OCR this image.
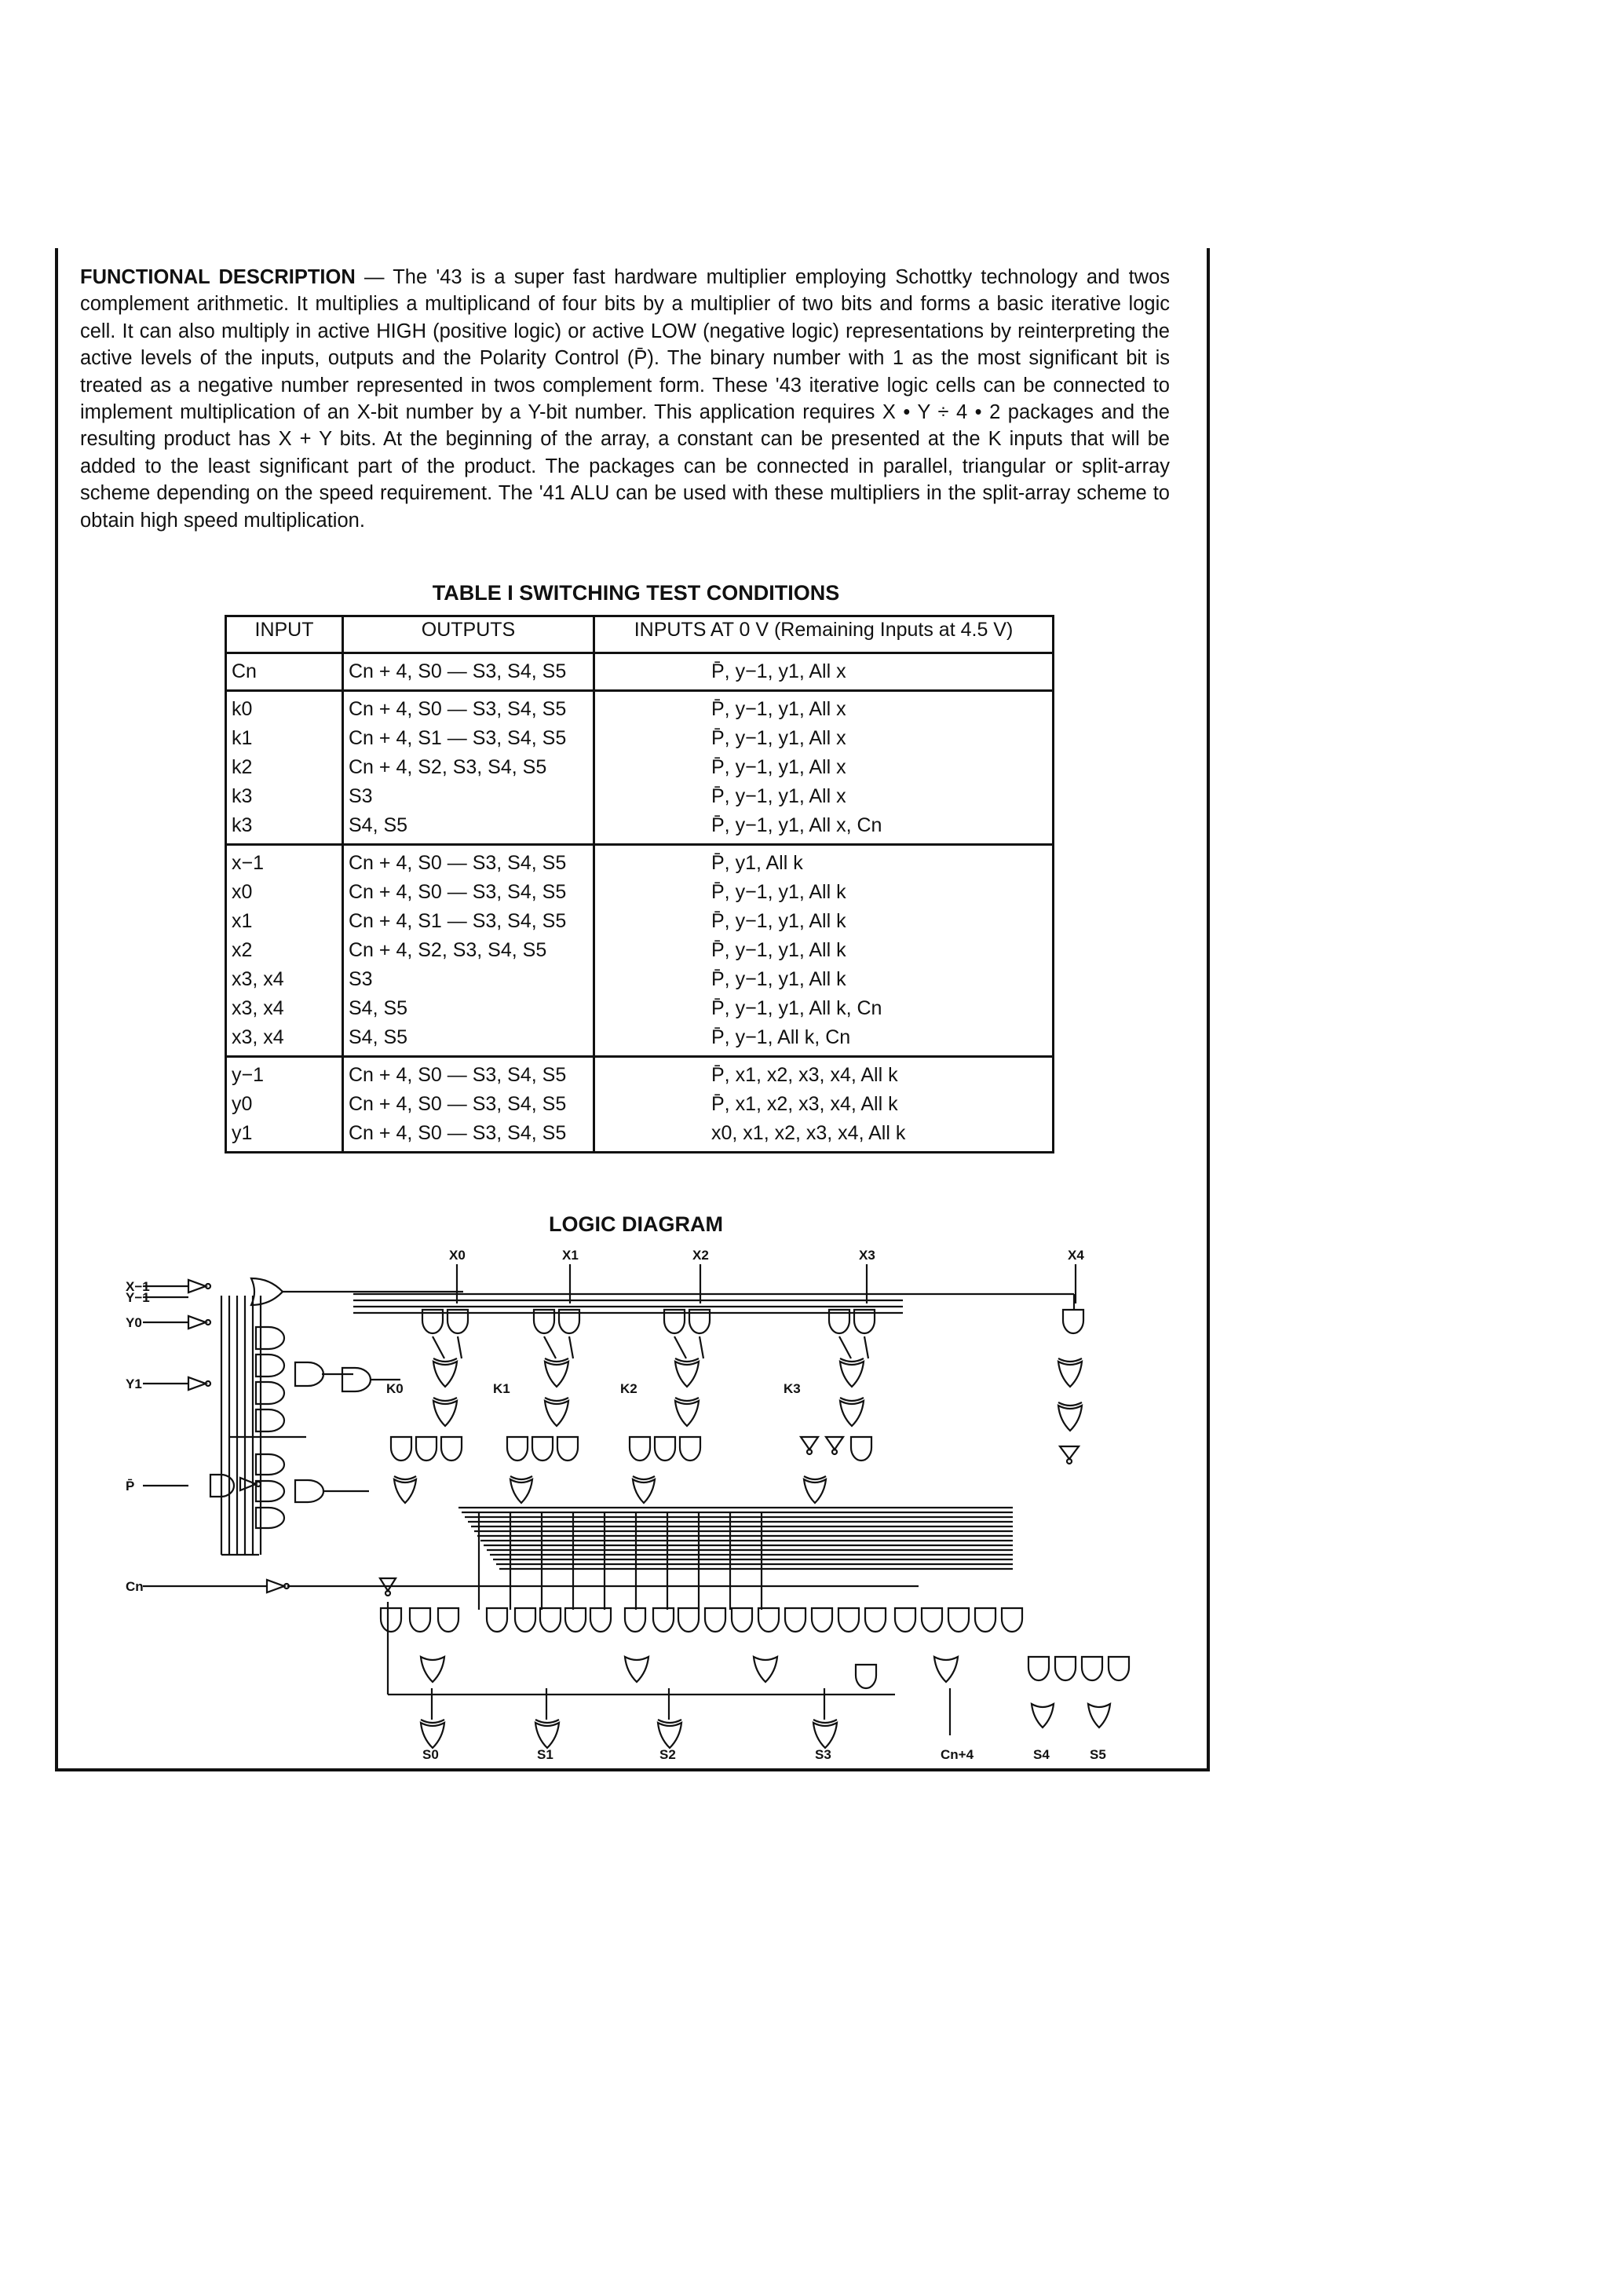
FUNCTIONAL DESCRIPTION — The '43 is a super fast hardware multiplier employing Schottky technology and twos complement arithmetic. It multiplies a multiplicand of four bits by a multiplier of two bits and forms a basic iterative logic cell. It can also multiply in active HIGH (positive logic) or active LOW (negative logic) representations by reinterpreting the active levels of the inputs, outputs and the Polarity Control (P̄). The binary number with 1 as the most significant bit is treated as a negative number represented in twos complement form. These '43 iterative logic cells can be connected to implement multiplication of an X-bit number by a Y-bit number. This application requires X • Y ÷ 4 • 2 packages and the resulting product has X + Y bits. At the beginning of the array, a constant can be presented at the K inputs that will be added to the least significant part of the product. The packages can be connected in parallel, triangular or split-array scheme depending on the speed requirement. The '41 ALU can be used with these multipliers in the split-array scheme to obtain high speed multiplication.

TABLE I SWITCHING TEST CONDITIONS

INPUT	OUTPUTS	INPUTS AT 0 V (Remaining Inputs at 4.5 V)
Cn	Cn + 4, S0 — S3, S4, S5	P̄, y−1, y1, All x
k0	Cn + 4, S0 — S3, S4, S5	P̄, y−1, y1, All x
k1	Cn + 4, S1 — S3, S4, S5	P̄, y−1, y1, All x
k2	Cn + 4, S2, S3, S4, S5	P̄, y−1, y1, All x
k3	S3	P̄, y−1, y1, All x
k3	S4, S5	P̄, y−1, y1, All x, Cn
x−1	Cn + 4, S0 — S3, S4, S5	P̄, y1, All k
x0	Cn + 4, S0 — S3, S4, S5	P̄, y−1, y1, All k
x1	Cn + 4, S1 — S3, S4, S5	P̄, y−1, y1, All k
x2	Cn + 4, S2, S3, S4, S5	P̄, y−1, y1, All k
x3, x4	S3	P̄, y−1, y1, All k
x3, x4	S4, S5	P̄, y−1, y1, All k, Cn
x3, x4	S4, S5	P̄, y−1, All k, Cn
y−1	Cn + 4, S0 — S3, S4, S5	P̄, x1, x2, x3, x4, All k
y0	Cn + 4, S0 — S3, S4, S5	P̄, x1, x2, x3, x4, All k
y1	Cn + 4, S0 — S3, S4, S5	x0, x1, x2, x3, x4, All k

LOGIC DIAGRAM

X−1
Y−1
Y0
Y1
P̄
Cn
X0	X1	X2	X3	X4
K0	K1	K2	K3
S0	S1	S2	S3	Cn+4	S4	S5
